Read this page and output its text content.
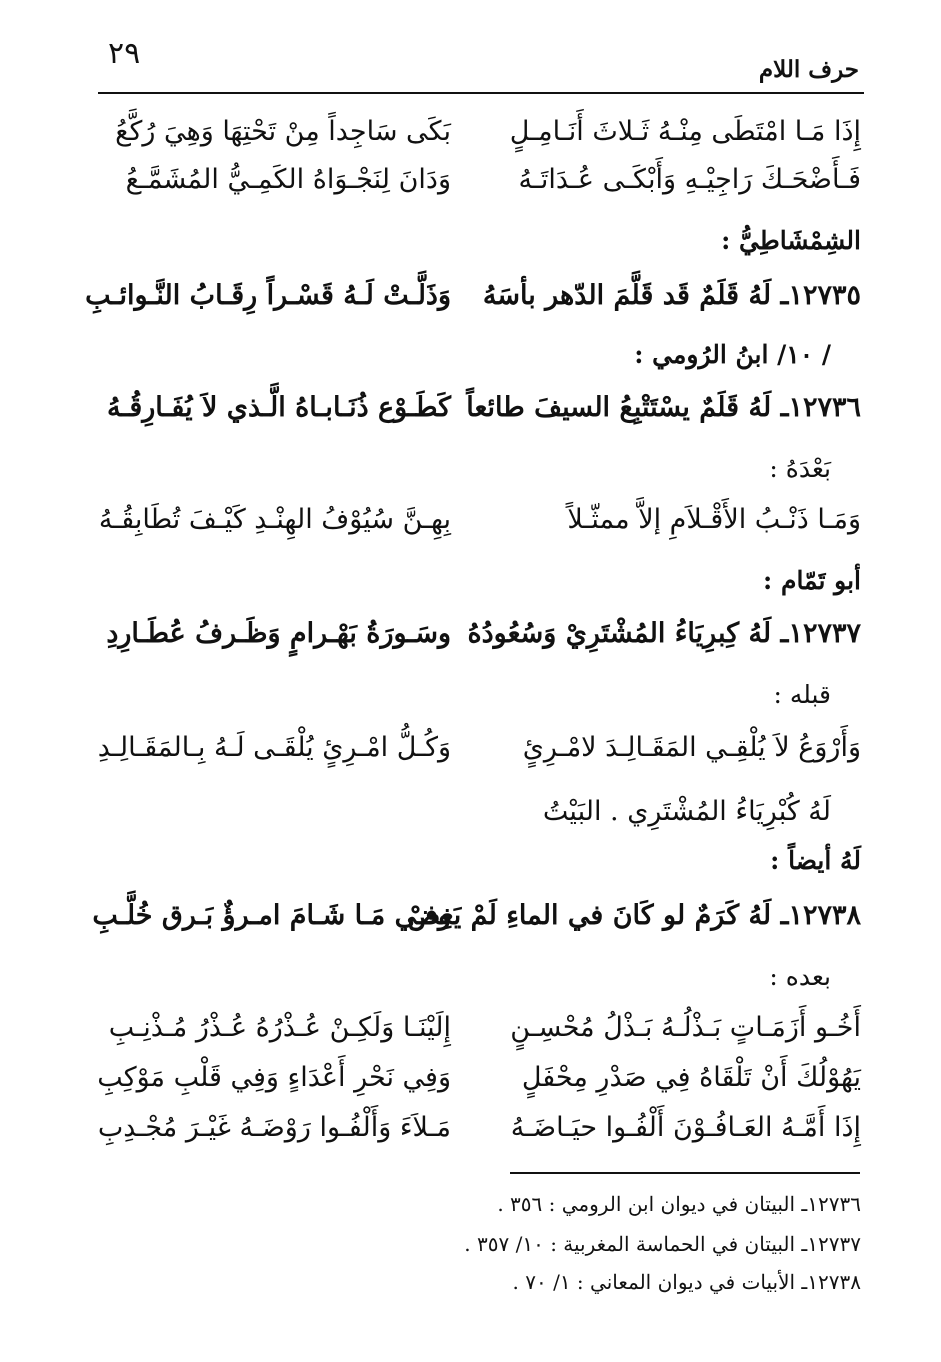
٢٩	حرف اللام
إِذَا مَـا امْتَطَى مِنْـهُ ثَـلاثَ أَنَـامِـلٍ
بَكَى سَاجِداً مِنْ تَحْتِهَا وَهِيَ رُكَّعُ
فَـأَضْحَـكَ رَاجِيْـهِ وَأَبْكَـى عُـدَاتَـهُ
وَدَانَ لِنَجْـوَاهُ الكَمِـيُّ المُشَمَّـعُ
الشِمْشَاطِيُّ :
١٢٧٣٥ـ لَهُ قَلَمٌ قَد قَلَّمَ الدّهر بأسَهُ
وَذَلَّـتْ لَـهُ قَسْـراً رِقَـابُ النَّـوائـبِ
/ ١٠/ ابنُ الرُومي :
١٢٧٣٦ـ لَهُ قَلَمٌ يسْتَتْبِعُ السيفَ طائعاً
كَطَـوْع ذُنَـابـاهُ الَّـذي لاَ يُفَـارِقُـهُ
بَعْدَهُ :
وَمَـا ذَنْـبُ الأَقْـلاَمِ إلاَّ ممثّـلاً
بِهِـنَّ سُيُوْفُ الهِنْـدِ كَيْـفَ تُطَابِقُـهُ
أبو تَمّام :
١٢٧٣٧ـ لَهُ كِبرِيَاءُ المُشْتَرِيْ وَسُعُودُهُ
وسَـورَةُ بَهْـرامٍ وَظَـرفُ عُطَـارِدِ
قبله :
وَأَرْوَعُ لاَ يُلْقِـي المَقَـالِـدَ لامْـرِئٍ
وَكُـلُّ امْـرِئٍ يُلْقَـى لَـهُ بِـالمَقَـالِـدِ
لَهُ كُبْرِيَاءُ المُشْتَرِي . البَيْتُ
لَهُ أيضاً :
١٢٧٣٨ـ لَهُ كَرَمٌ لو كَانَ في الماءِ لَمْ يَغِضْ
وفـي مَـا شَـامَ امـرؤٌ بَـرق خُلَّـبِ
بعده :
أَخُـو أَزَمَـاتٍ بَـذْلُـهُ بَـذْلُ مُحْسِـنٍ
إِلَيْنَـا وَلَكِـنْ عُـذْرُهُ عُـذْرُ مُـذْنِـبِ
يَهُوْلُكَ أَنْ تَلْقَاهُ فِي صَدْرِ مِحْفَلٍ
وَفِي نَحْرِ أَعْدَاءٍ وَفِي قَلْبِ مَوْكِبِ
إِذَا أَمَّـهُ العَـافُـوْنَ أَلْفُـوا حيَـاضَـهُ
مَـلاَءَ وَأَلْفُـوا رَوْضَـهُ غَيْـرَ مُجْـدِبِ
١٢٧٣٦ـ البيتان في ديوان ابن الرومي : ٣٥٦ .
١٢٧٣٧ـ البيتان في الحماسة المغربية : ١٠/ ٣٥٧ .
١٢٧٣٨ـ الأبيات في ديوان المعاني : ١/ ٧٠ .
